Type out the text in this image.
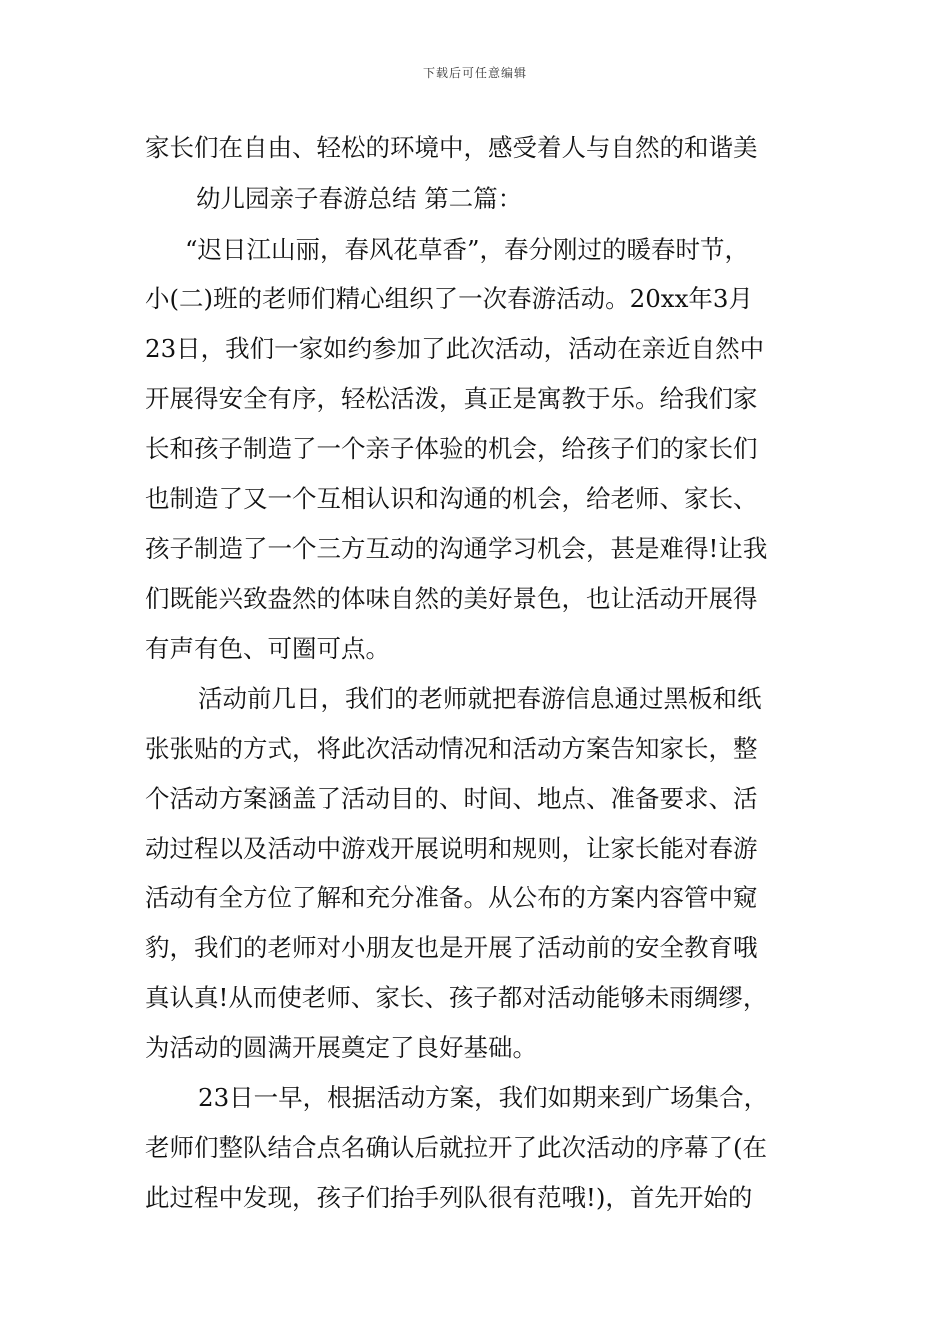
下载后可任意编辑
家长们在自由、轻松的环境中，感受着人与自然的和谐美
幼儿园亲子春游总结 第二篇：
“迟日江山丽，春风花草香”，春分刚过的暖春时节，
小(二)班的老师们精心组织了一次春游活动。20xx年3月
23日，我们一家如约参加了此次活动，活动在亲近自然中
开展得安全有序，轻松活泼，真正是寓教于乐。给我们家
长和孩子制造了一个亲子体验的机会，给孩子们的家长们
也制造了又一个互相认识和沟通的机会，给老师、家长、
孩子制造了一个三方互动的沟通学习机会，甚是难得!让我
们既能兴致盎然的体味自然的美好景色，也让活动开展得
有声有色、可圈可点。
活动前几日，我们的老师就把春游信息通过黑板和纸
张张贴的方式，将此次活动情况和活动方案告知家长，整
个活动方案涵盖了活动目的、时间、地点、准备要求、活
动过程以及活动中游戏开展说明和规则，让家长能对春游
活动有全方位了解和充分准备。从公布的方案内容管中窥
豹，我们的老师对小朋友也是开展了活动前的安全教育哦
真认真!从而使老师、家长、孩子都对活动能够未雨绸缪，
为活动的圆满开展奠定了良好基础。
23日一早，根据活动方案，我们如期来到广场集合，
老师们整队结合点名确认后就拉开了此次活动的序幕了(在
此过程中发现，孩子们抬手列队很有范哦!)，首先开始的
